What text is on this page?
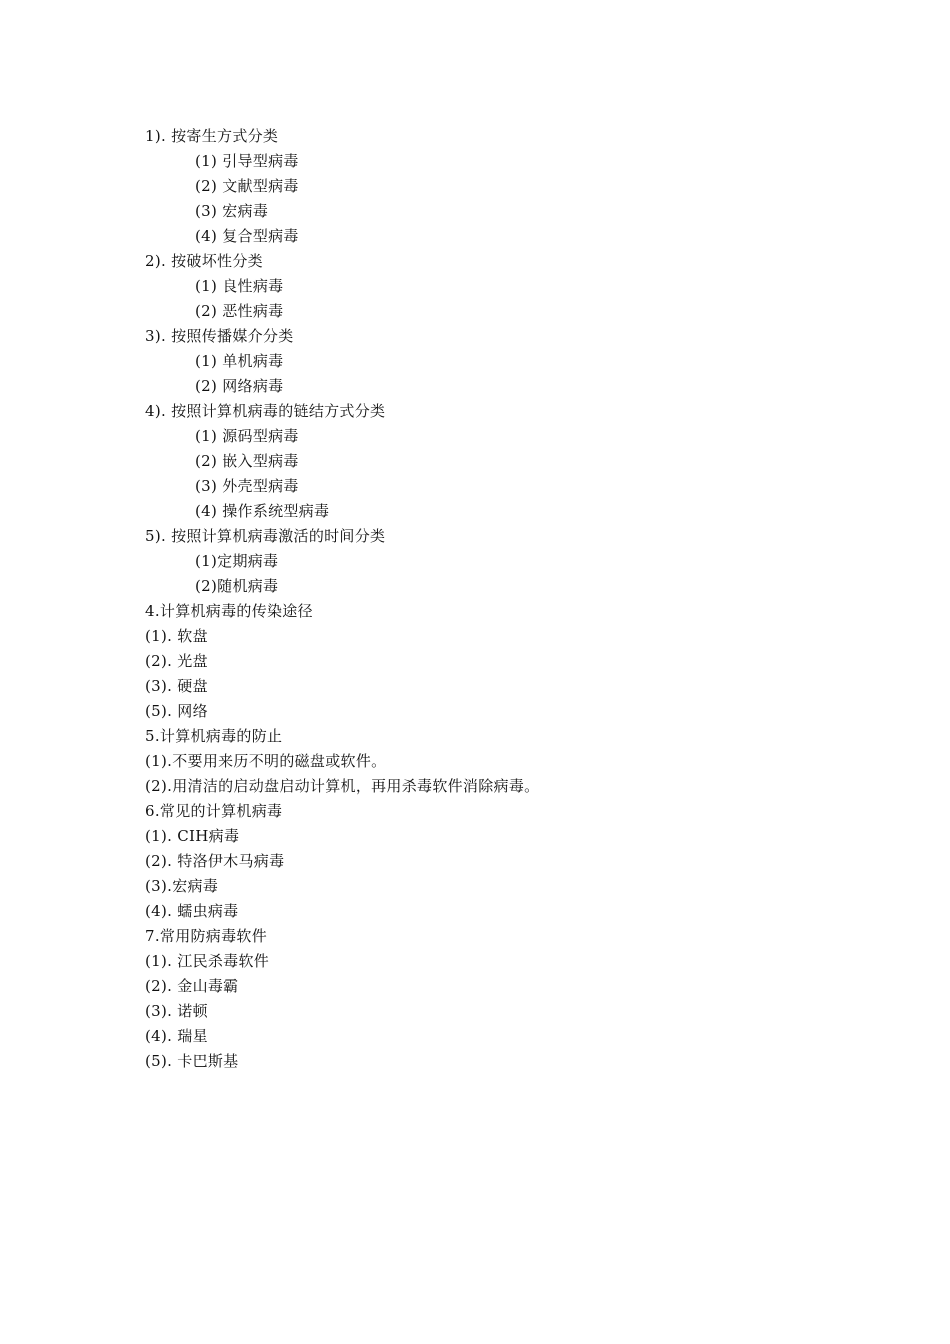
1). 按寄生方式分类
(1) 引导型病毒
(2) 文献型病毒
(3) 宏病毒
(4) 复合型病毒
2). 按破坏性分类
(1) 良性病毒
(2) 恶性病毒
3). 按照传播媒介分类
(1) 单机病毒
(2) 网络病毒
4). 按照计算机病毒的链结方式分类
(1) 源码型病毒
(2) 嵌入型病毒
(3) 外壳型病毒
(4) 操作系统型病毒
5). 按照计算机病毒激活的时间分类
(1)定期病毒
(2)随机病毒
4.计算机病毒的传染途径
(1). 软盘
(2). 光盘
(3). 硬盘
(5). 网络
5.计算机病毒的防止
(1).不要用来历不明的磁盘或软件。
(2).用清洁的启动盘启动计算机，再用杀毒软件消除病毒。
6.常见的计算机病毒
(1). CIH病毒
(2). 特洛伊木马病毒
(3).宏病毒
(4). 蠕虫病毒
7.常用防病毒软件
(1). 江民杀毒软件
(2). 金山毒霸
(3). 诺顿
(4). 瑞星
(5). 卡巴斯基
